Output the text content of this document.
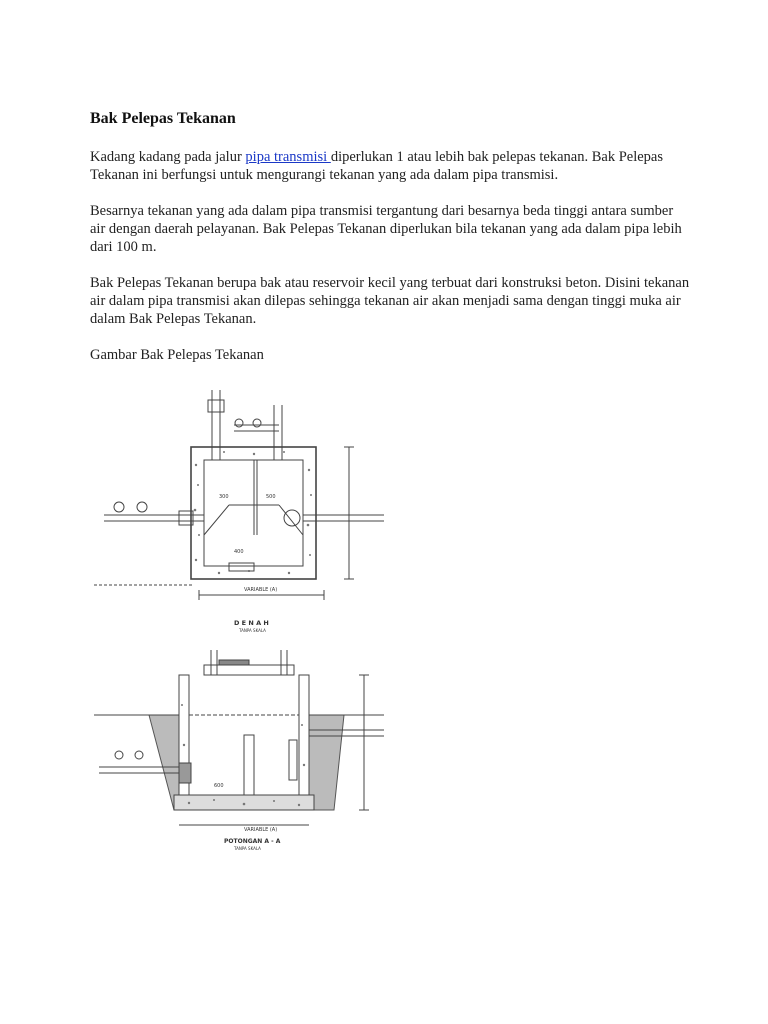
Bak Pelepas Tekanan

Kadang kadang pada jalur pipa transmisi diperlukan 1 atau lebih bak pelepas tekanan. Bak Pelepas Tekanan ini berfungsi untuk mengurangi tekanan yang ada dalam pipa transmisi.

Besarnya tekanan yang ada dalam pipa transmisi tergantung dari besarnya beda tinggi antara sumber air dengan daerah pelayanan. Bak Pelepas Tekanan diperlukan bila tekanan yang ada dalam pipa lebih dari 100 m.

Bak Pelepas Tekanan berupa bak atau reservoir kecil yang terbuat dari konstruksi beton. Disini tekanan air dalam pipa transmisi akan dilepas sehingga tekanan air akan menjadi sama dengan tinggi muka air dalam Bak Pelepas Tekanan.

Gambar Bak Pelepas Tekanan

300	500
400
VARIABLE (A)
D E N A H
TANPA SKALA
600
VARIABLE (A)
POTONGAN A - A
TANPA SKALA
